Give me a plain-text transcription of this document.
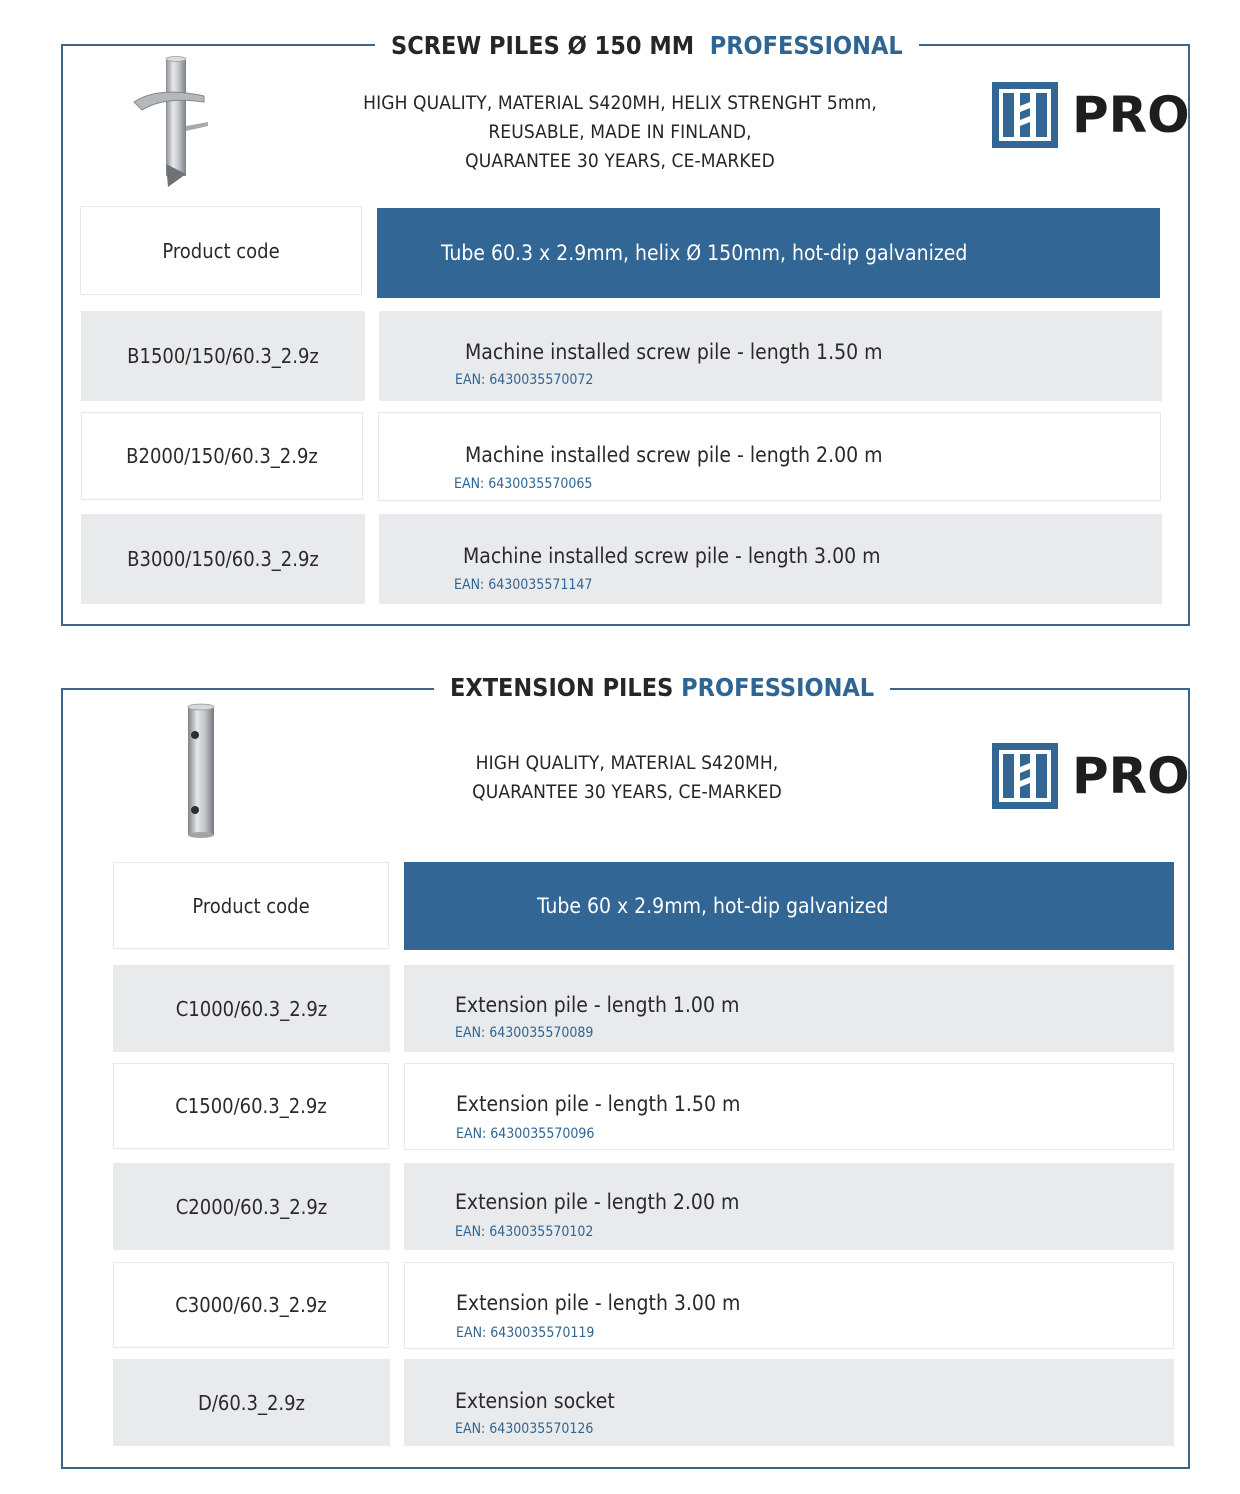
SCREW PILES Ø 150 MM PROFESSIONAL
HIGH QUALITY, MATERIAL S420MH, HELIX STRENGHT 5mm,
REUSABLE, MADE IN FINLAND,
QUARANTEE 30 YEARS, CE-MARKED
PRO
Product code	Tube 60.3 x 2.9mm, helix Ø 150mm, hot-dip galvanized
B1500/150/60.3_2.9z	Machine installed screw pile - length 1.50 m
EAN: 6430035570072
B2000/150/60.3_2.9z	Machine installed screw pile - length 2.00 m
EAN: 6430035570065
B3000/150/60.3_2.9z	Machine installed screw pile - length 3.00 m
EAN: 6430035571147
EXTENSION PILES PROFESSIONAL
HIGH QUALITY, MATERIAL S420MH,
QUARANTEE 30 YEARS, CE-MARKED	PRO
Product code	Tube 60 x 2.9mm, hot-dip galvanized
C1000/60.3_2.9z	Extension pile - length 1.00 m
EAN: 6430035570089
C1500/60.3_2.9z	Extension pile - length 1.50 m
EAN: 6430035570096
C2000/60.3_2.9z	Extension pile - length 2.00 m
EAN: 6430035570102
C3000/60.3_2.9z	Extension pile - length 3.00 m
EAN: 6430035570119
D/60.3_2.9z	Extension socket
EAN: 6430035570126
